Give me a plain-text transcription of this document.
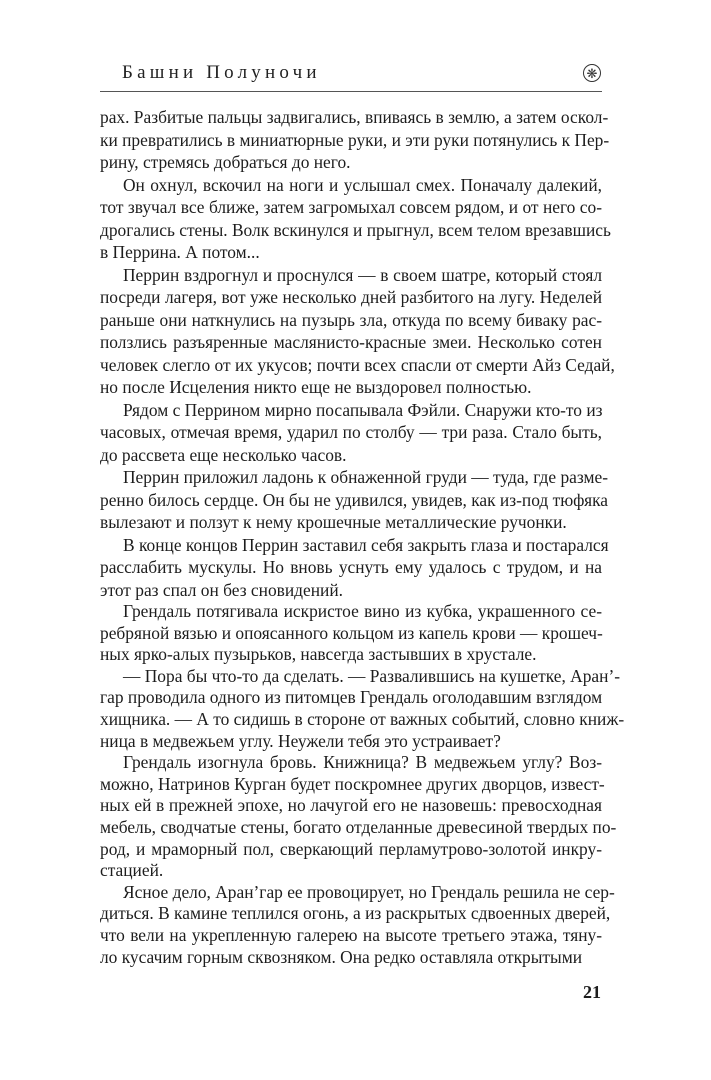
Башни Полуночи	❋
рах. Разбитые пальцы задвигались, впиваясь в землю, а затем оскол-
ки превратились в миниатюрные руки, и эти руки потянулись к Пер-
рину, стремясь добраться до него.
Он охнул, вскочил на ноги и услышал смех. Поначалу далекий,
тот звучал все ближе, затем загромыхал совсем рядом, и от него со-
дрогались стены. Волк вскинулся и прыгнул, всем телом врезавшись
в Перрина. А потом...
Перрин вздрогнул и проснулся — в своем шатре, который стоял
посреди лагеря, вот уже несколько дней разбитого на лугу. Неделей
раньше они наткнулись на пузырь зла, откуда по всему бивaку рас-
ползлись разъяренные маслянисто-красные змеи. Несколько сотен
человек слегло от их укусов; почти всех спасли от смерти Айз Седай,
но после Исцеления никто еще не выздоровел полностью.
Рядом с Перрином мирно посапывала Фэйли. Снаружи кто-то из
часовых, отмечая время, ударил по столбу — три раза. Стало быть,
до рассвета еще несколько часов.
Перрин приложил ладонь к обнаженной груди — туда, где разме-
ренно билось сердце. Он бы не удивился, увидев, как из-под тюфяка
вылезают и ползут к нему крошечные металлические ручонки.
В конце концов Перрин заставил себя закрыть глаза и постарался
расслабить мускулы. Но вновь уснуть ему удалось с трудом, и на
этот раз спал он без сновидений.
Грендаль потягивала искристое вино из кубка, украшенного се-
ребряной вязью и опоясанного кольцом из капель крови — крошеч-
ных ярко-алых пузырьков, навсегда застывших в хрустале.
— Пора бы что-то да сделать. — Развалившись на кушетке, Аран’-
гар проводила одного из питомцев Грендаль оголодавшим взглядом
хищника. — А то сидишь в стороне от важных событий, словно книж-
ница в медвежьем углу. Неужели тебя это устраивает?
Грендаль изогнула бровь. Книжница? В медвежьем углу? Воз-
можно, Натринов Курган будет поскромнее других дворцов, извест-
ных ей в прежней эпохе, но лачугой его не назовешь: превосходная
мебель, сводчатые стены, богато отделанные древесиной твердых по-
род, и мраморный пол, сверкающий перламутрово-золотой инкру-
стацией.
Ясное дело, Аран’гар ее провоцирует, но Грендаль решила не сер-
диться. В камине теплился огонь, а из раскрытых сдвоенных дверей,
что вели на укрепленную галерею на высоте третьего этажа, тяну-
ло кусачим горным сквозняком. Она редко оставляла открытыми
21
